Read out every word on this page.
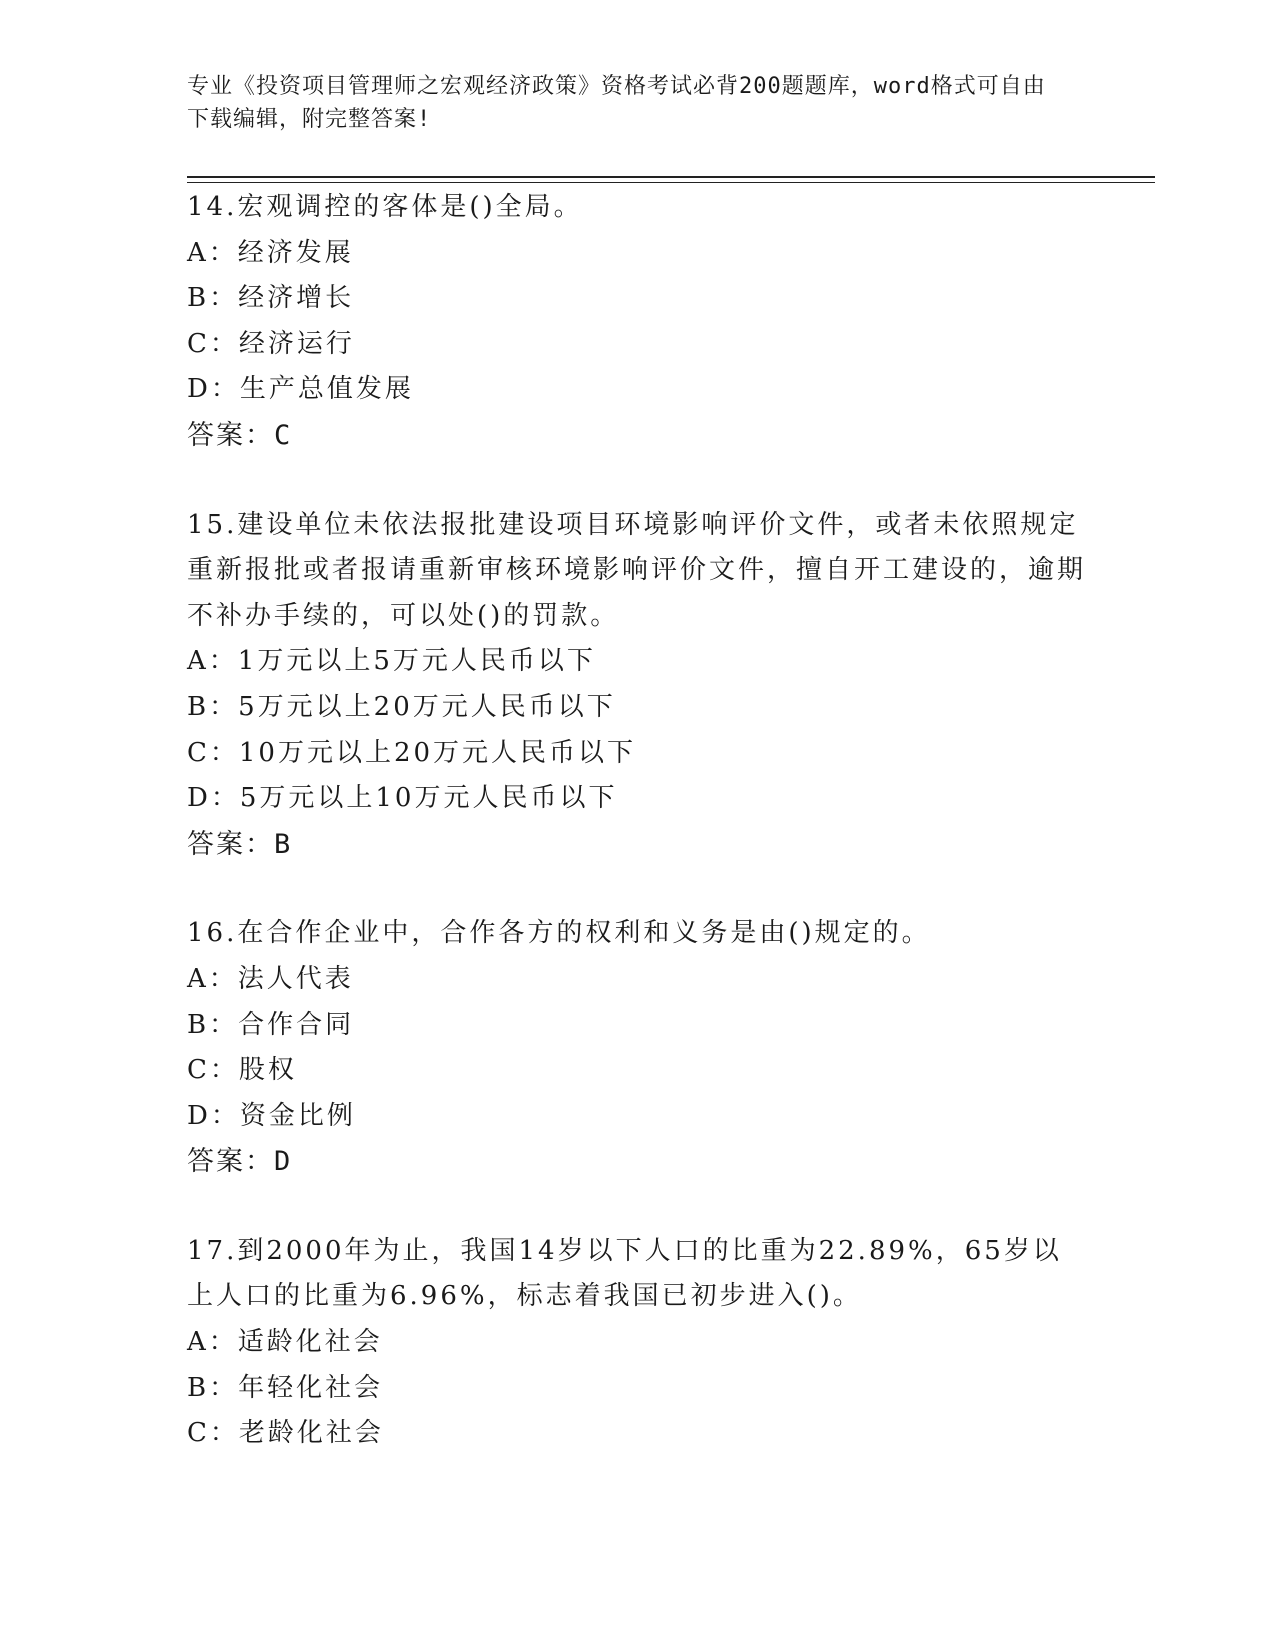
专业《投资项目管理师之宏观经济政策》资格考试必背200题题库，word格式可自由下载编辑，附完整答案!
14.宏观调控的客体是()全局。
A：经济发展
B：经济增长
C：经济运行
D：生产总值发展
答案：C
15.建设单位未依法报批建设项目环境影响评价文件，或者未依照规定重新报批或者报请重新审核环境影响评价文件，擅自开工建设的，逾期不补办手续的，可以处()的罚款。
A：1万元以上5万元人民币以下
B：5万元以上20万元人民币以下
C：10万元以上20万元人民币以下
D：5万元以上10万元人民币以下
答案：B
16.在合作企业中，合作各方的权利和义务是由()规定的。
A：法人代表
B：合作合同
C：股权
D：资金比例
答案：D
17.到2000年为止，我国14岁以下人口的比重为22.89%，65岁以上人口的比重为6.96%，标志着我国已初步进入()。
A：适龄化社会
B：年轻化社会
C：老龄化社会
